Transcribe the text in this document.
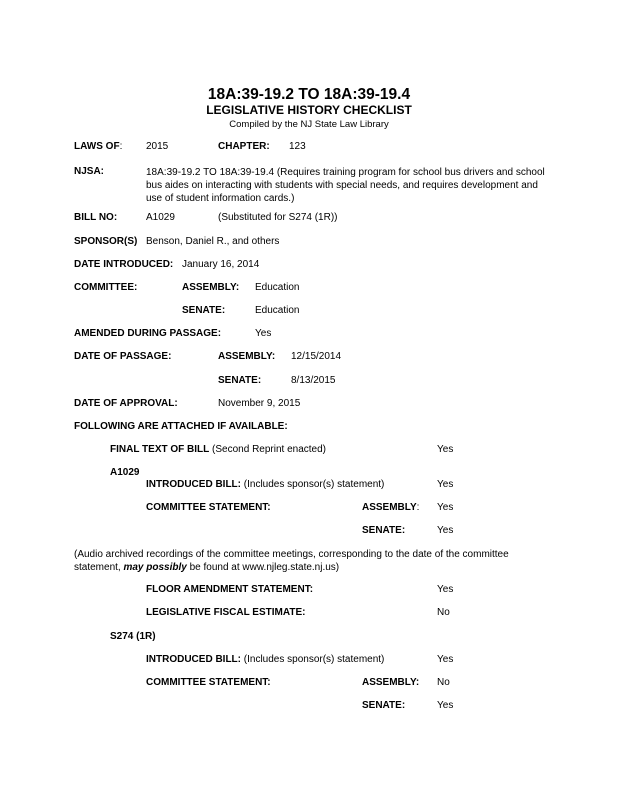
18A:39-19.2 TO 18A:39-19.4
LEGISLATIVE HISTORY CHECKLIST
Compiled by the NJ State Law Library
LAWS OF: 2015	CHAPTER: 123
NJSA:	18A:39-19.2 TO 18A:39-19.4 (Requires training program for school bus drivers and school bus aides on interacting with students with special needs, and requires development and use of student information cards.)
BILL NO:	A1029	(Substituted for S274 (1R))
SPONSOR(S) Benson, Daniel R., and others
DATE INTRODUCED: January 16, 2014
COMMITTEE:	ASSEMBLY: Education
SENATE:	Education
AMENDED DURING PASSAGE:	Yes
DATE OF PASSAGE:	ASSEMBLY: 12/15/2014
SENATE:	8/13/2015
DATE OF APPROVAL:	November 9, 2015
FOLLOWING ARE ATTACHED IF AVAILABLE:
FINAL TEXT OF BILL (Second Reprint enacted)	Yes
A1029
INTRODUCED BILL: (Includes sponsor(s) statement)	Yes
COMMITTEE STATEMENT:	ASSEMBLY: Yes
SENATE:	Yes
(Audio archived recordings of the committee meetings, corresponding to the date of the committee statement, may possibly be found at www.njleg.state.nj.us)
FLOOR AMENDMENT STATEMENT:	Yes
LEGISLATIVE FISCAL ESTIMATE:	No
S274 (1R)
INTRODUCED BILL: (Includes sponsor(s) statement)	Yes
COMMITTEE STATEMENT:	ASSEMBLY: No
SENATE:	Yes
